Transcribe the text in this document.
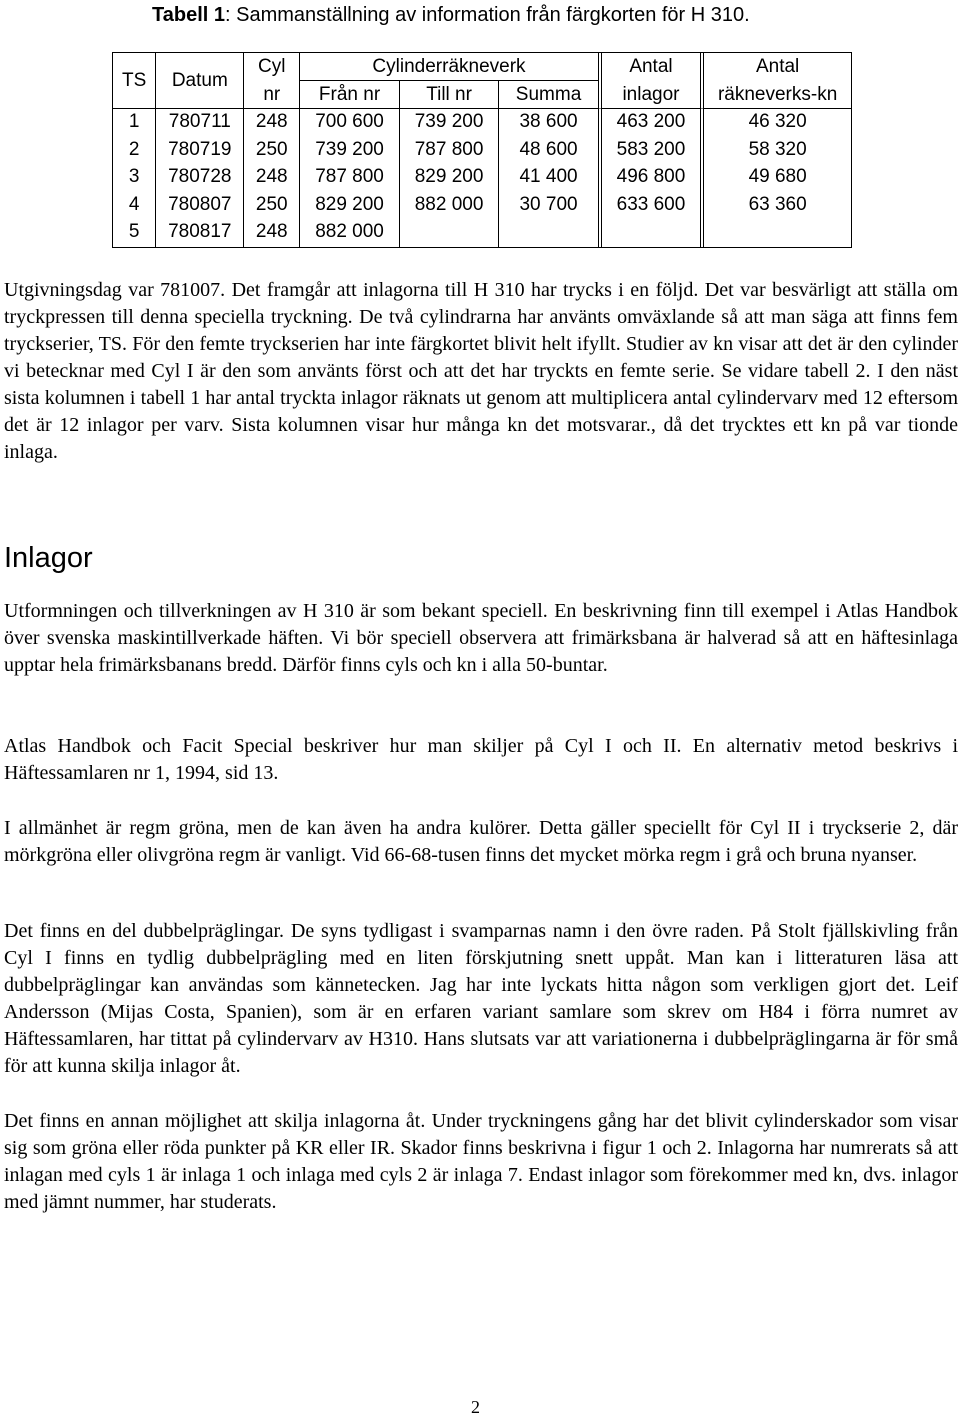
Tabell 1: Sammanställning av information från färgkorten för H 310.
TS	Datum	Cyl	Cylinderräkneverk			Antal	Antal
		nr	Från nr	Till nr	Summa	inlagor	räkneverks-kn
1	780711	248	700 600	739 200	38 600	463 200	46 320
2	780719	250	739 200	787 800	48 600	583 200	58 320
3	780728	248	787 800	829 200	41 400	496 800	49 680
4	780807	250	829 200	882 000	30 700	633 600	63 360
5	780817	248	882 000				

Utgivningsdag var 781007. Det framgår att inlagorna till H 310 har trycks i en följd. Det var besvärligt att ställa om tryckpressen till denna speciella tryckning. De två cylindrarna har använts omväxlande så att man säga att finns fem tryckserier, TS. För den femte tryckserien har inte färgkortet blivit helt ifyllt. Studier av kn visar att det är den cylinder vi betecknar med Cyl I är den som använts först och att det har tryckts en femte serie. Se vidare tabell 2. I den näst sista kolumnen i tabell 1 har antal tryckta inlagor räknats ut genom att multiplicera antal cylindervarv med 12 eftersom det är 12 inlagor per varv. Sista kolumnen visar hur många kn det motsvarar., då det trycktes ett kn på var tionde inlaga.

Inlagor

Utformningen och tillverkningen av H 310 är som bekant speciell. En beskrivning finn till exempel i Atlas Handbok över svenska maskintillverkade häften. Vi bör speciell observera att frimärksbana är halverad så att en häftesinlaga upptar hela frimärksbanans bredd. Därför finns cyls och kn i alla 50-buntar.

Atlas Handbok och Facit Special beskriver hur man skiljer på Cyl I och II. En alternativ metod beskrivs i Häftessamlaren nr 1, 1994, sid 13.

I allmänhet är regm gröna, men de kan även ha andra kulörer. Detta gäller speciellt för Cyl II i tryckserie 2, där mörkgröna eller olivgröna regm är vanligt. Vid 66-68-tusen finns det mycket mörka regm i grå och bruna nyanser.

Det finns en del dubbelpräglingar. De syns tydligast i svamparnas namn i den övre raden. På Stolt fjällskivling från Cyl I finns en tydlig dubbelprägling med en liten förskjutning snett uppåt. Man kan i litteraturen läsa att dubbelpräglingar kan användas som kännetecken. Jag har inte lyckats hitta någon som verkligen gjort det. Leif Andersson (Mijas Costa, Spanien), som är en erfaren variant samlare som skrev om H84 i förra numret av Häftessamlaren, har tittat på cylindervarv av H310. Hans slutsats var att variationerna i dubbelpräglingarna är för små för att kunna skilja inlagor åt.

Det finns en annan möjlighet att skilja inlagorna åt. Under tryckningens gång har det blivit cylinderskador som visar sig som gröna eller röda punkter på KR eller IR. Skador finns beskrivna i figur 1 och 2. Inlagorna har numrerats så att inlagan med cyls 1 är inlaga 1 och inlaga med cyls 2 är inlaga 7. Endast inlagor som förekommer med kn, dvs. inlagor med jämnt nummer, har studerats.

2
